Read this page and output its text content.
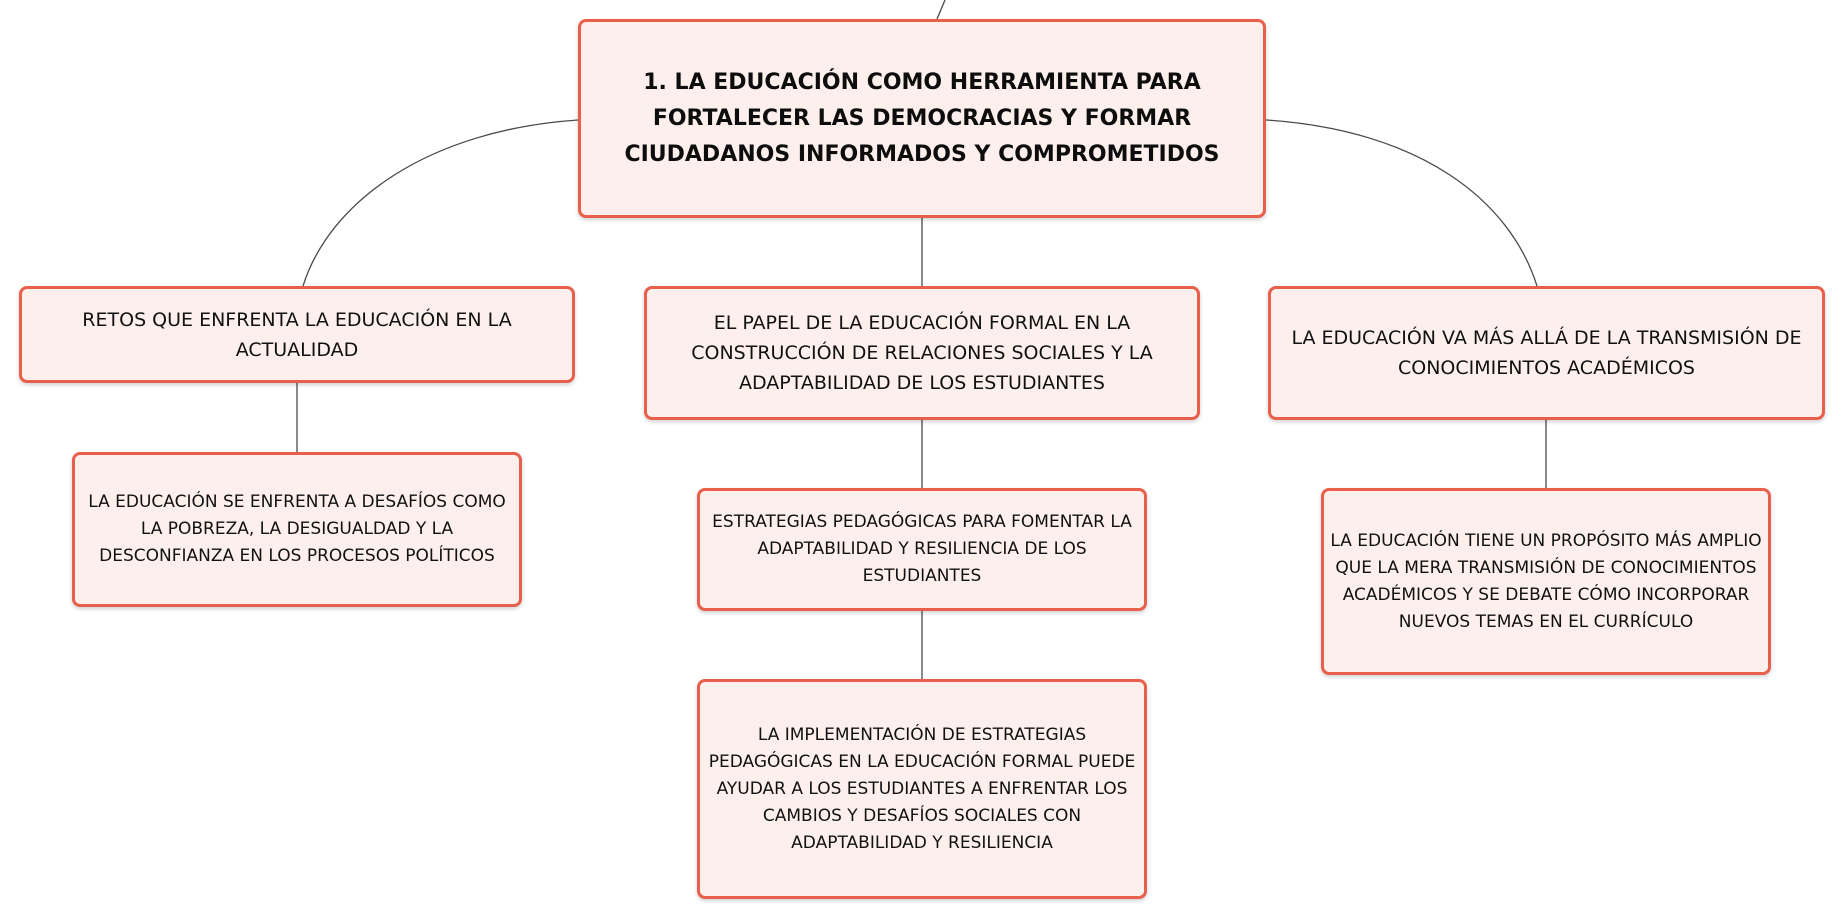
1. LA EDUCACIÓN COMO HERRAMIENTA PARA FORTALECER LAS DEMOCRACIAS Y FORMAR CIUDADANOS INFORMADOS Y COMPROMETIDOS
RETOS QUE ENFRENTA LA EDUCACIÓN EN LA ACTUALIDAD
EL PAPEL DE LA EDUCACIÓN FORMAL EN LA CONSTRUCCIÓN DE RELACIONES SOCIALES Y LA ADAPTABILIDAD DE LOS ESTUDIANTES
LA EDUCACIÓN VA MÁS ALLÁ DE LA TRANSMISIÓN DE CONOCIMIENTOS ACADÉMICOS
LA EDUCACIÓN SE ENFRENTA A DESAFÍOS COMO LA POBREZA, LA DESIGUALDAD Y LA DESCONFIANZA EN LOS PROCESOS POLÍTICOS
ESTRATEGIAS PEDAGÓGICAS PARA FOMENTAR LA ADAPTABILIDAD Y RESILIENCIA DE LOS ESTUDIANTES
LA IMPLEMENTACIÓN DE ESTRATEGIAS PEDAGÓGICAS EN LA EDUCACIÓN FORMAL PUEDE AYUDAR A LOS ESTUDIANTES A ENFRENTAR LOS CAMBIOS Y DESAFÍOS SOCIALES CON ADAPTABILIDAD Y RESILIENCIA
LA EDUCACIÓN TIENE UN PROPÓSITO MÁS AMPLIO QUE LA MERA TRANSMISIÓN DE CONOCIMIENTOS ACADÉMICOS Y SE DEBATE CÓMO INCORPORAR NUEVOS TEMAS EN EL CURRÍCULO
